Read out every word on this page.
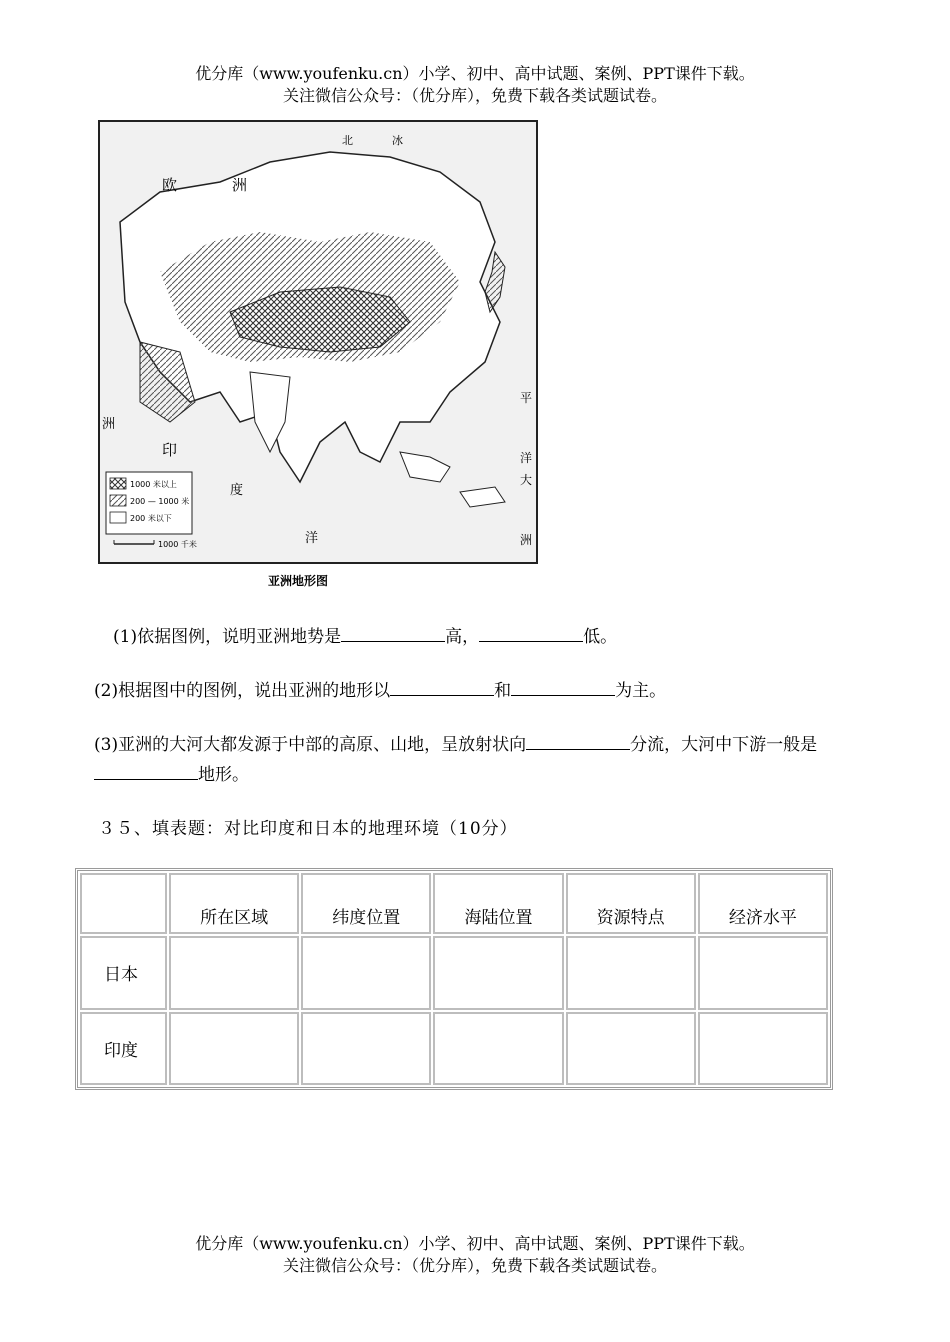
优分库（www.youfenku.cn）小学、初中、高中试题、案例、PPT课件下载。
关注微信公众号：（优分库），免费下载各类试题试卷。
欧	洲
北	冰
平
洋
大
洲
印
度
洋
洲
1000 米以上
200 — 1000 米
200 米以下
1000 千米
亚洲地形图
(1)依据图例，说明亚洲地势是	高，	低。
(2)根据图中的图例，说出亚洲的地形以	和	为主。
(3)亚洲的大河大都发源于中部的高原、山地，呈放射状向	分流，大河中下游一般是地形。
３５、填表题：对比印度和日本的地理环境（10分）
	所在区域	纬度位置	海陆位置	资源特点	经济水平
日本					
印度					
优分库（www.youfenku.cn）小学、初中、高中试题、案例、PPT课件下载。
关注微信公众号：（优分库），免费下载各类试题试卷。
